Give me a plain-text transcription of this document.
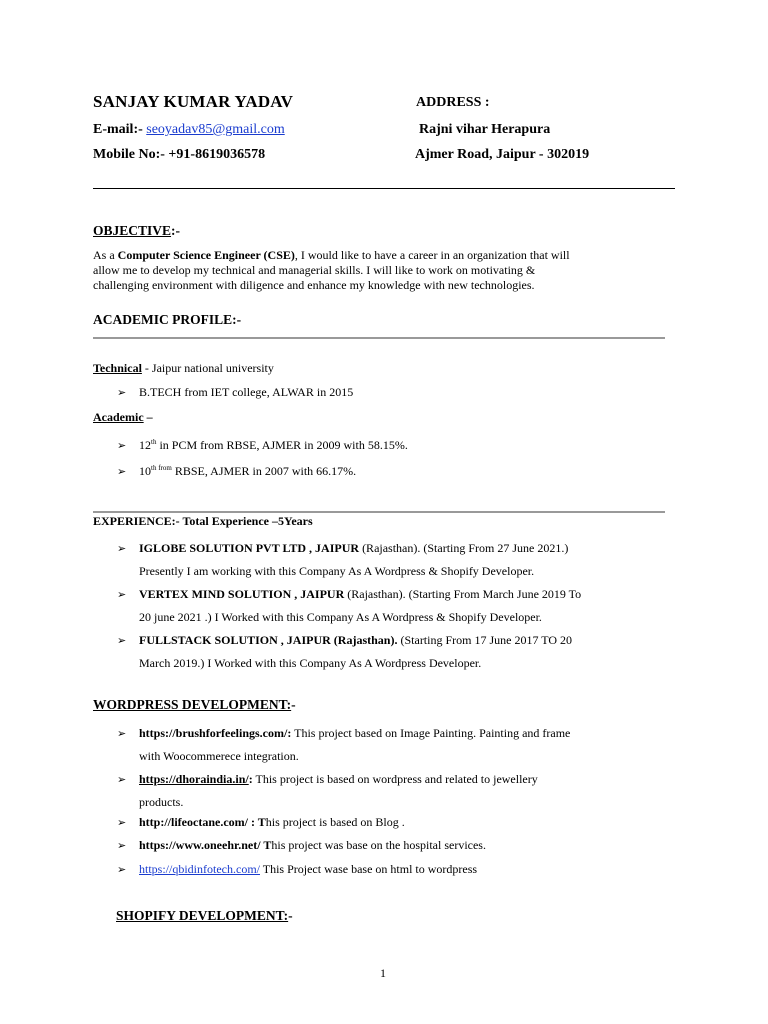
SANJAY KUMAR YADAV	ADDRESS :
E-mail:- seoyadav85@gmail.com	Rajni vihar Herapura
Mobile No:- +91-8619036578	Ajmer Road, Jaipur - 302019
OBJECTIVE:-
As a Computer Science Engineer (CSE), I would like to have a career in an organization that will
allow me to develop my technical and managerial skills. I will like to work on motivating &
challenging environment with diligence and enhance my knowledge with new technologies.
ACADEMIC PROFILE:-
Technical - Jaipur national university
➢ B.TECH from IET college, ALWAR in 2015
Academic –
➢ 12th in PCM from RBSE, AJMER in 2009 with 58.15%.
➢ $10^{th from}$ RBSE, AJMER in 2007 with 66.17%.
EXPERIENCE:- Total Experience –5Years
➢ IGLOBE SOLUTION PVT LTD , JAIPUR (Rajasthan). (Starting From 27 June 2021.)
Presently I am working with this Company As A Wordpress & Shopify Developer.
➢ VERTEX MIND SOLUTION , JAIPUR (Rajasthan). (Starting From March June 2019 To
20 june 2021 .) I Worked with this Company As A Wordpress & Shopify Developer.
➢ FULLSTACK SOLUTION , JAIPUR (Rajasthan). (Starting From 17 June 2017 TO 20
March 2019.) I Worked with this Company As A Wordpress Developer.
WORDPRESS DEVELOPMENT:-
➢ https://brushforfeelings.com/: This project based on Image Painting. Painting and frame
with Woocommerece integration.
➢ https://dhoraindia.in/: This project is based on wordpress and related to jewellery
products.
➢ http://lifeoctane.com/ : This project is based on Blog .
➢ https://www.oneehr.net/ This project was base on the hospital services.
➢ https://qbidinfotech.com/ This Project wase base on html to wordpress
SHOPIFY DEVELOPMENT:-
1
